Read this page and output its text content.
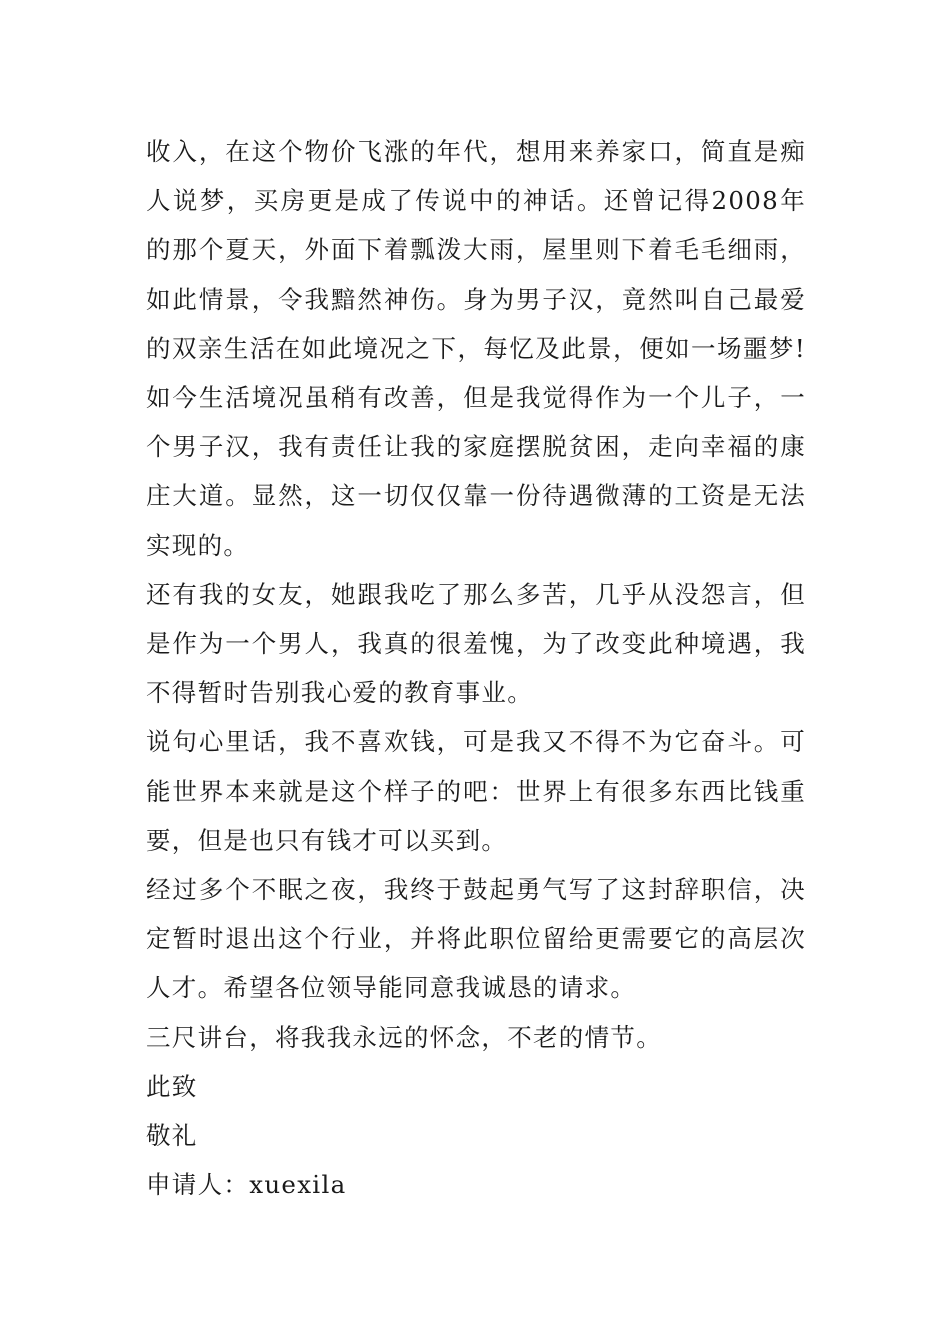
收入，在这个物价飞涨的年代，想用来养家口，简直是痴人说梦，买房更是成了传说中的神话。还曾记得2008年的那个夏天，外面下着瓢泼大雨，屋里则下着毛毛细雨，如此情景，令我黯然神伤。身为男子汉，竟然叫自己最爱的双亲生活在如此境况之下，每忆及此景，便如一场噩梦!如今生活境况虽稍有改善，但是我觉得作为一个儿子，一个男子汉，我有责任让我的家庭摆脱贫困，走向幸福的康庄大道。显然，这一切仅仅靠一份待遇微薄的工资是无法实现的。

还有我的女友，她跟我吃了那么多苦，几乎从没怨言，但是作为一个男人，我真的很羞愧，为了改变此种境遇，我不得暂时告别我心爱的教育事业。

说句心里话，我不喜欢钱，可是我又不得不为它奋斗。可能世界本来就是这个样子的吧：世界上有很多东西比钱重要，但是也只有钱才可以买到。

经过多个不眠之夜，我终于鼓起勇气写了这封辞职信，决定暂时退出这个行业，并将此职位留给更需要它的高层次人才。希望各位领导能同意我诚恳的请求。

三尺讲台，将我我永远的怀念，不老的情节。

此致

敬礼

申请人：xuexila
